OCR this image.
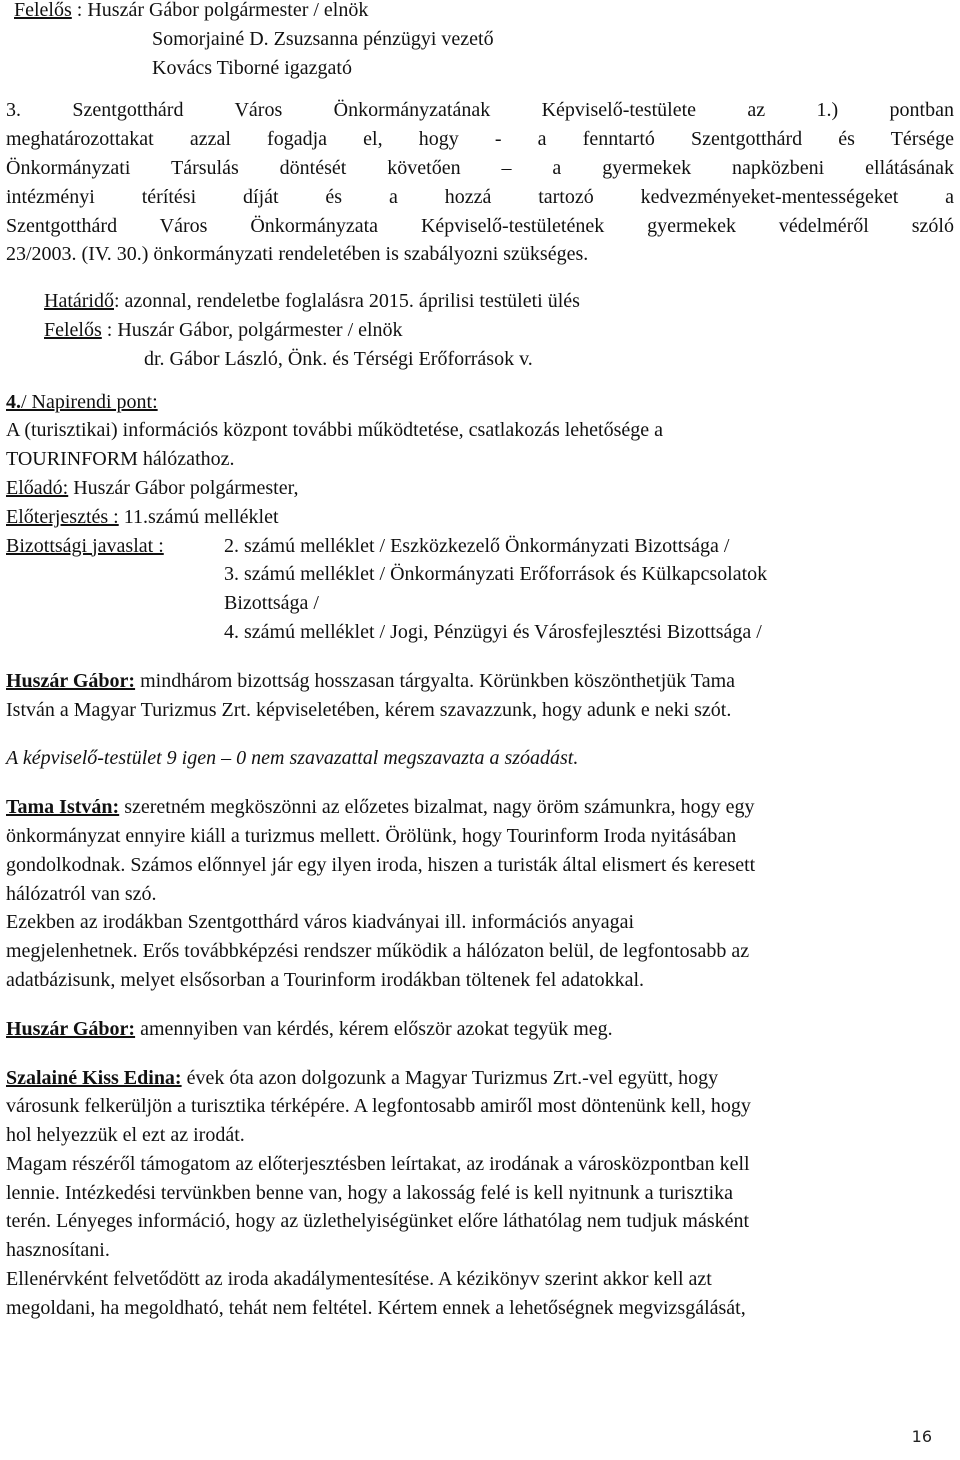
Felelős : Huszár Gábor polgármester / elnök
Somorjainé D. Zsuzsanna pénzügyi vezető
Kovács Tiborné igazgató
3. Szentgotthárd Város Önkormányzatának Képviselő-testülete az 1.) pontban
meghatározottakat azzal fogadja el, hogy - a fenntartó Szentgotthárd és Térsége
Önkormányzati Társulás döntését követően – a gyermekek napközbeni ellátásának
intézményi térítési díját és a hozzá tartozó kedvezményeket-mentességeket a
Szentgotthárd Város Önkormányzata Képviselő-testületének gyermekek védelméről szóló
23/2003. (IV. 30.) önkormányzati rendeletében is szabályozni szükséges.
Határidő: azonnal, rendeletbe foglalásra 2015. áprilisi testületi ülés
Felelős : Huszár Gábor, polgármester / elnök
dr. Gábor László, Önk. és Térségi Erőforrások v.
4./ Napirendi pont:
A (turisztikai) információs központ további működtetése, csatlakozás lehetősége a
TOURINFORM hálózathoz.
Előadó: Huszár Gábor polgármester,
Előterjesztés : 11.számú melléklet
Bizottsági javaslat :	2. számú melléklet / Eszközkezelő Önkormányzati Bizottsága /
3. számú melléklet / Önkormányzati Erőforrások és Külkapcsolatok
Bizottsága /
4. számú melléklet / Jogi, Pénzügyi és Városfejlesztési Bizottsága /
Huszár Gábor: mindhárom bizottság hosszasan tárgyalta. Körünkben köszönthetjük Tama
István a Magyar Turizmus Zrt. képviseletében, kérem szavazzunk, hogy adunk e neki szót.
A képviselő-testület 9 igen – 0 nem szavazattal megszavazta a szóadást.
Tama István: szeretném megköszönni az előzetes bizalmat, nagy öröm számunkra, hogy egy
önkormányzat ennyire kiáll a turizmus mellett. Örölünk, hogy Tourinform Iroda nyitásában
gondolkodnak. Számos előnnyel jár egy ilyen iroda, hiszen a turisták által elismert és keresett
hálózatról van szó.
Ezekben az irodákban Szentgotthárd város kiadványai ill. információs anyagai
megjelenhetnek. Erős továbbképzési rendszer működik a hálózaton belül, de legfontosabb az
adatbázisunk, melyet elsősorban a Tourinform irodákban töltenek fel adatokkal.
Huszár Gábor: amennyiben van kérdés, kérem először azokat tegyük meg.
Szalainé Kiss Edina: évek óta azon dolgozunk a Magyar Turizmus Zrt.-vel együtt, hogy
városunk felkerüljön a turisztika térképére. A legfontosabb amiről most döntenünk kell, hogy
hol helyezzük el ezt az irodát.
Magam részéről támogatom az előterjesztésben leírtakat, az irodának a városközpontban kell
lennie. Intézkedési tervünkben benne van, hogy a lakosság felé is kell nyitnunk a turisztika
terén. Lényeges információ, hogy az üzlethelyiségünket előre láthatólag nem tudjuk másként
hasznosítani.
Ellenérvként felvetődött az iroda akadálymentesítése. A kézikönyv szerint akkor kell azt
megoldani, ha megoldható, tehát nem feltétel. Kértem ennek a lehetőségnek megvizsgálását,
16
